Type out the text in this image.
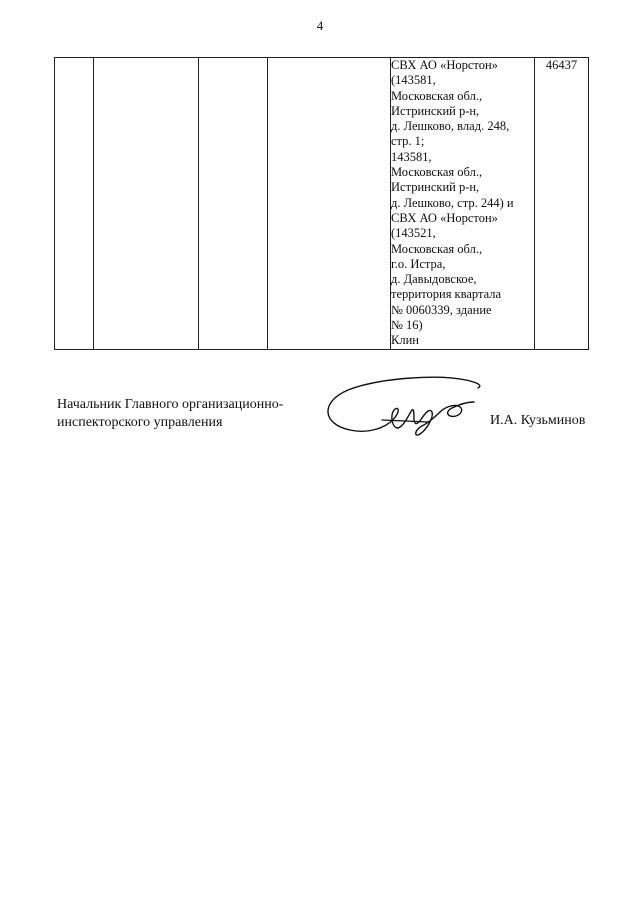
4

СВХ АО «Норстон»
(143581,
Московская обл.,
Истринский р-н,
д. Лешково, влад. 248,
стр. 1;
143581,
Московская обл.,
Истринский р-н,
д. Лешково, стр. 244) и
СВХ АО «Норстон»
(143521,
Московская обл.,
г.о. Истра,
д. Давыдовское,
территория квартала
№ 0060339, здание
№ 16)
Клин
	46437
Начальник Главного организационно-
инспекторского управления	И.А. Кузьминов
